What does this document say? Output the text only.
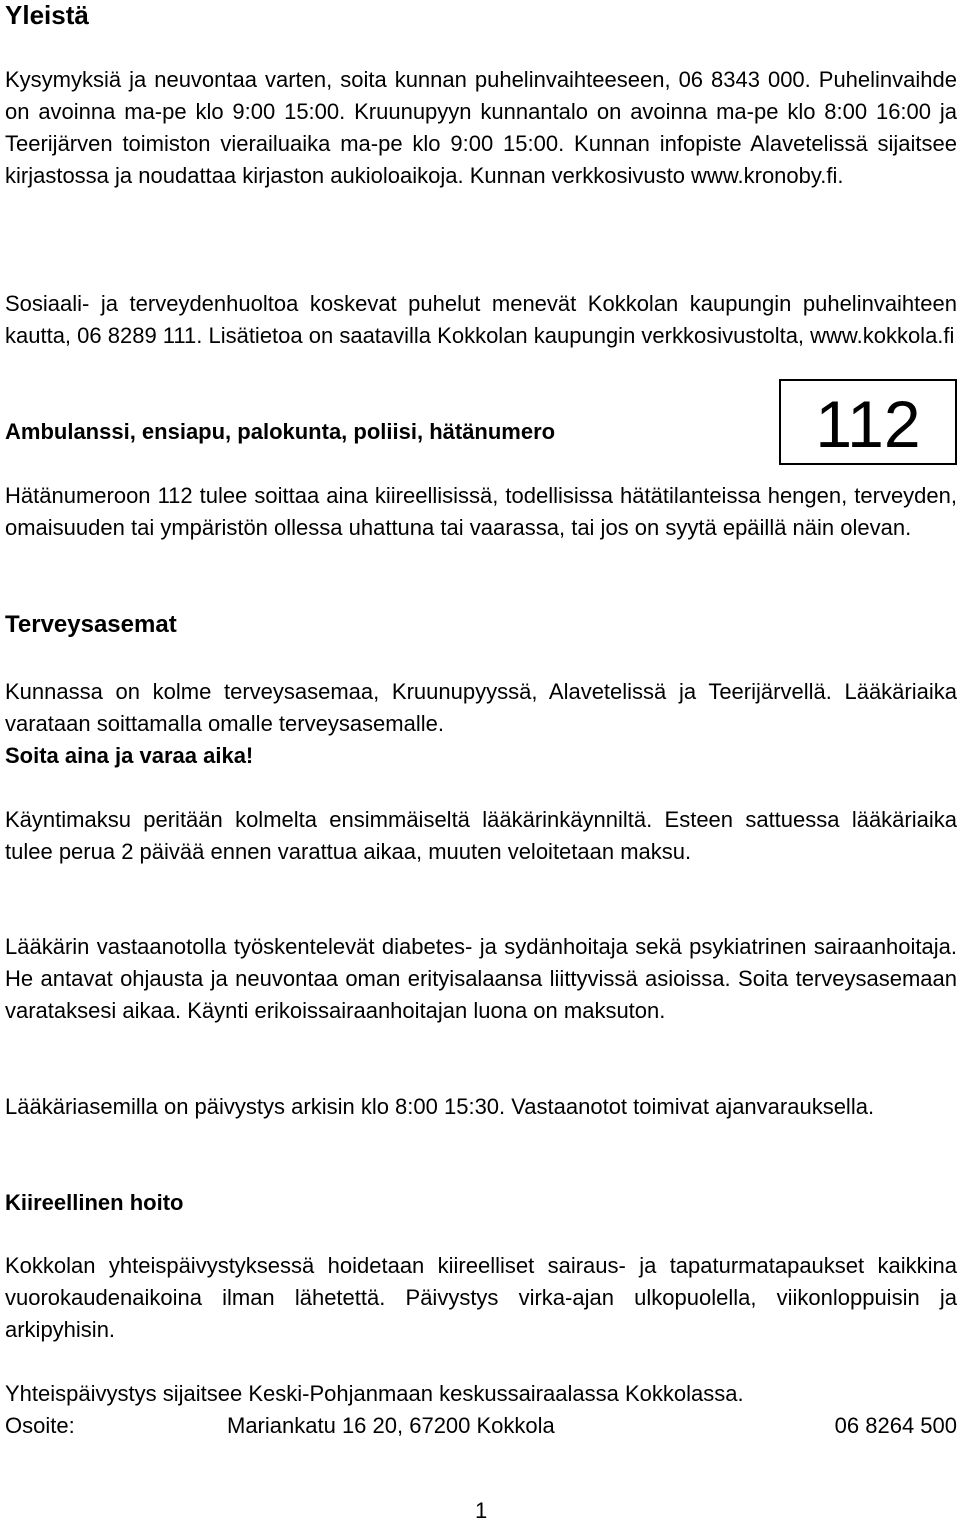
Yleistä

Kysymyksiä ja neuvontaa varten, soita kunnan puhelinvaihteeseen, 06 8343 000. Puhelinvaihde on avoinna ma-pe klo 9:00 15:00. Kruunupyyn kunnantalo on avoinna ma-pe klo 8:00 16:00 ja Teerijärven toimiston vierailuaika ma-pe klo 9:00 15:00. Kunnan infopiste Alavetelissä sijaitsee kirjastossa ja noudattaa kirjaston aukioloaikoja. Kunnan verkkosivusto www.kronoby.fi.

Sosiaali- ja terveydenhuoltoa koskevat puhelut menevät Kokkolan kaupungin puhelinvaihteen kautta, 06 8289 111. Lisätietoa on saatavilla Kokkolan kaupungin verkkosivustolta, www.kokkola.fi

Ambulanssi, ensiapu, palokunta, poliisi, hätänumero	112

Hätänumeroon 112 tulee soittaa aina kiireellisissä, todellisissa hätätilanteissa hengen, terveyden, omaisuuden tai ympäristön ollessa uhattuna tai vaarassa, tai jos on syytä epäillä näin olevan.

Terveysasemat

Kunnassa on kolme terveysasemaa, Kruunupyyssä, Alavetelissä ja Teerijärvellä. Lääkäriaika varataan soittamalla omalle terveysasemalle.

Soita aina ja varaa aika!

Käyntimaksu peritään kolmelta ensimmäiseltä lääkärinkäynniltä. Esteen sattuessa lääkäriaika tulee perua 2 päivää ennen varattua aikaa, muuten veloitetaan maksu.

Lääkärin vastaanotolla työskentelevät diabetes- ja sydänhoitaja sekä psykiatrinen sairaanhoitaja. He antavat ohjausta ja neuvontaa oman erityisalaansa liittyvissä asioissa. Soita terveysasemaan varataksesi aikaa. Käynti erikoissairaanhoitajan luona on maksuton.

Lääkäriasemilla on päivystys arkisin klo 8:00 15:30. Vastaanotot toimivat ajanvarauksella.

Kiireellinen hoito

Kokkolan yhteispäivystyksessä hoidetaan kiireelliset sairaus- ja tapaturmatapaukset kaikkina vuorokaudenaikoina ilman lähetettä. Päivystys virka-ajan ulkopuolella, viikonloppuisin ja arkipyhisin.

Yhteispäivystys sijaitsee Keski-Pohjanmaan keskussairaalassa Kokkolassa.

Osoite:	Mariankatu 16 20, 67200 Kokkola	06 8264 500
1
